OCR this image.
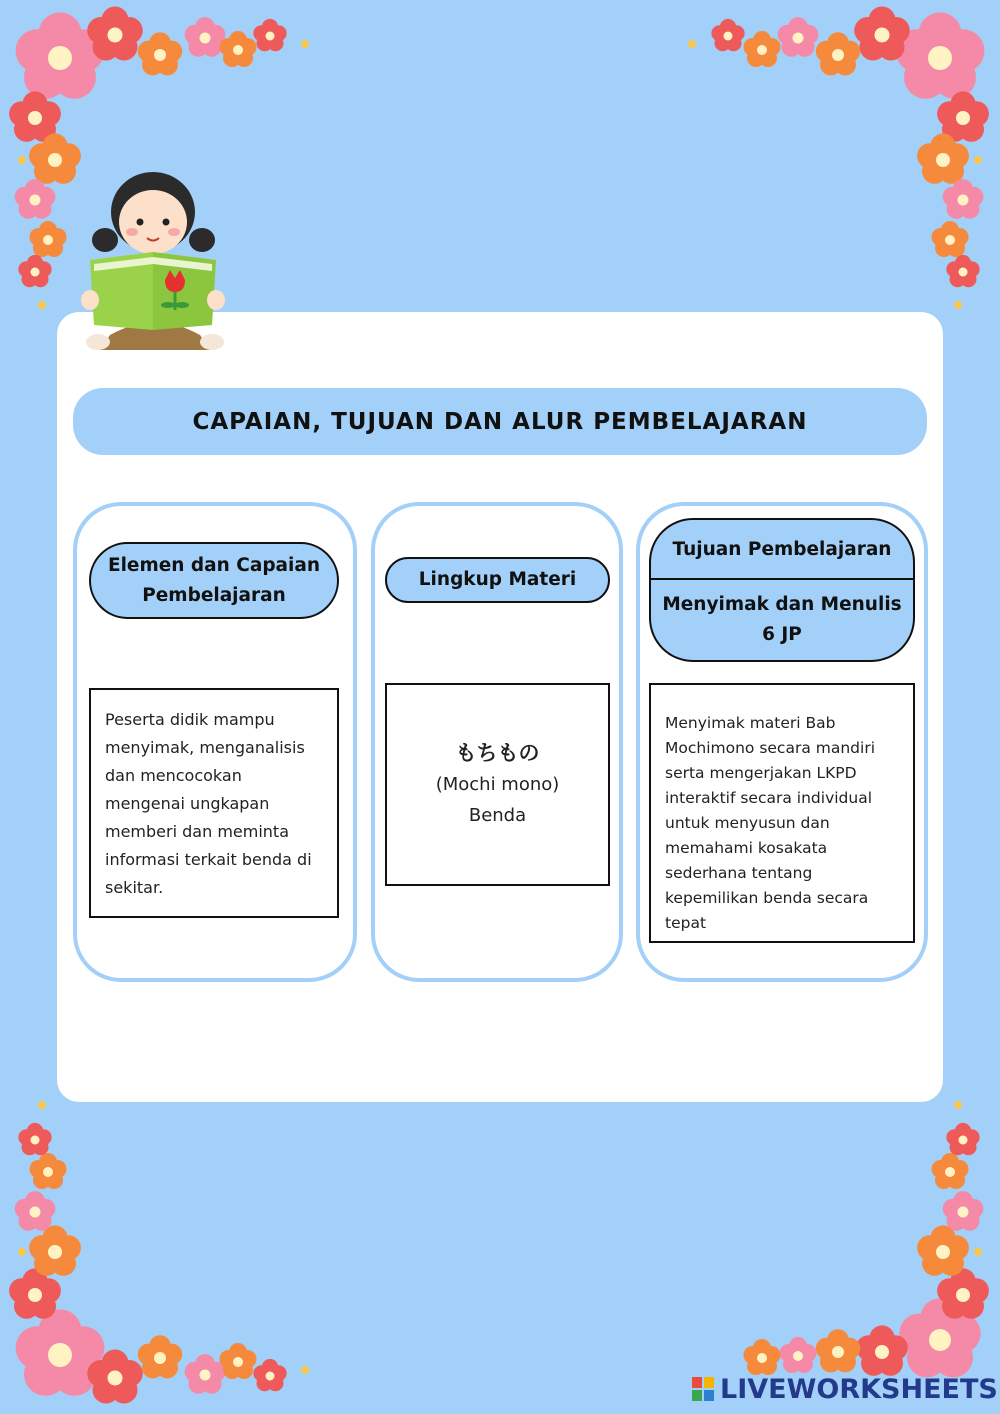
CAPAIAN, TUJUAN DAN ALUR PEMBELAJARAN
Elemen dan Capaian
Pembelajaran
Peserta didik mampu menyimak, menganalisis dan mencocokan mengenai ungkapan memberi dan meminta informasi terkait benda di sekitar.
Lingkup Materi
もちもの
(Mochi mono)
Benda
Tujuan Pembelajaran
Menyimak dan Menulis
6 JP
Menyimak materi Bab Mochimono secara mandiri serta mengerjakan LKPD interaktif secara individual untuk menyusun dan memahami kosakata sederhana tentang kepemilikan benda secara tepat
LIVEWORKSHEETS
